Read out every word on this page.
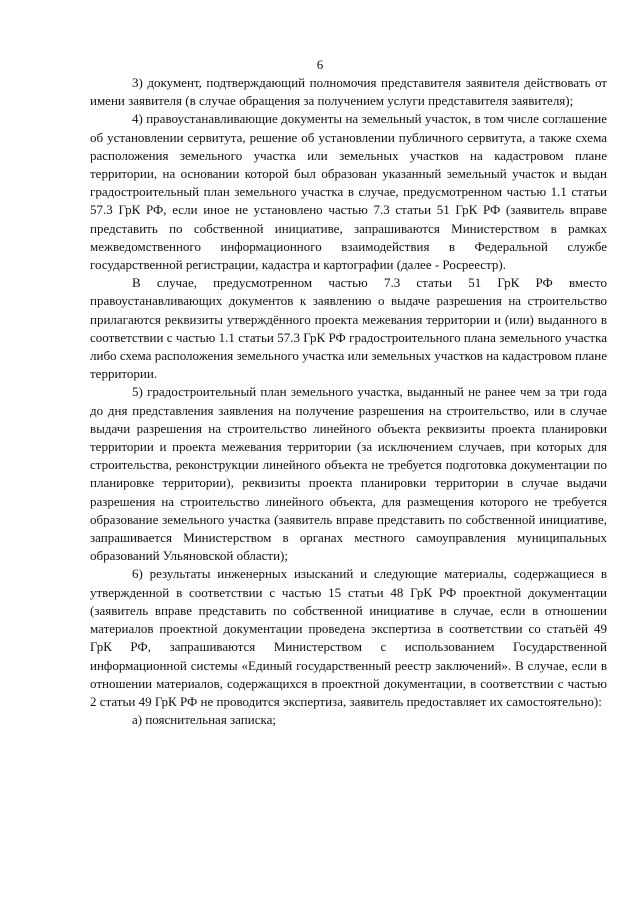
6

3) документ, подтверждающий полномочия представителя заявителя действовать от имени заявителя (в случае обращения за получением услуги представителя заявителя);

4) правоустанавливающие документы на земельный участок, в том числе соглашение об установлении сервитута, решение об установлении публичного сервитута, а также схема расположения земельного участка или земельных участков на кадастровом плане территории, на основании которой был образован указанный земельный участок и выдан градостроительный план земельного участка в случае, предусмотренном частью 1.1 статьи 57.3 ГрК РФ, если иное не установлено частью 7.3 статьи 51 ГрК РФ (заявитель вправе представить по собственной инициативе, запрашиваются Министерством в рамках межведомственного информационного взаимодействия в Федеральной службе государственной регистрации, кадастра и картографии (далее - Росреестр).

В случае, предусмотренном частью 7.3 статьи 51 ГрК РФ вместо правоустанавливающих документов к заявлению о выдаче разрешения на строительство прилагаются реквизиты утверждённого проекта межевания территории и (или) выданного в соответствии с частью 1.1 статьи 57.3 ГрК РФ градостроительного плана земельного участка либо схема расположения земельного участка или земельных участков на кадастровом плане территории.

5) градостроительный план земельного участка, выданный не ранее чем за три года до дня представления заявления на получение разрешения на строительство, или в случае выдачи разрешения на строительство линейного объекта реквизиты проекта планировки территории и проекта межевания территории (за исключением случаев, при которых для строительства, реконструкции линейного объекта не требуется подготовка документации по планировке территории), реквизиты проекта планировки территории в случае выдачи разрешения на строительство линейного объекта, для размещения которого не требуется образование земельного участка (заявитель вправе представить по собственной инициативе, запрашивается Министерством в органах местного самоуправления муниципальных образований Ульяновской области);

6) результаты инженерных изысканий и следующие материалы, содержащиеся в утвержденной в соответствии с частью 15 статьи 48 ГрК РФ проектной документации (заявитель вправе представить по собственной инициативе в случае, если в отношении материалов проектной документации проведена экспертиза в соответствии со статьёй 49 ГрК РФ, запрашиваются Министерством с использованием Государственной информационной системы «Единый государственный реестр заключений». В случае, если в отношении материалов, содержащихся в проектной документации, в соответствии с частью 2 статьи 49 ГрК РФ не проводится экспертиза, заявитель предоставляет их самостоятельно):

а) пояснительная записка;
